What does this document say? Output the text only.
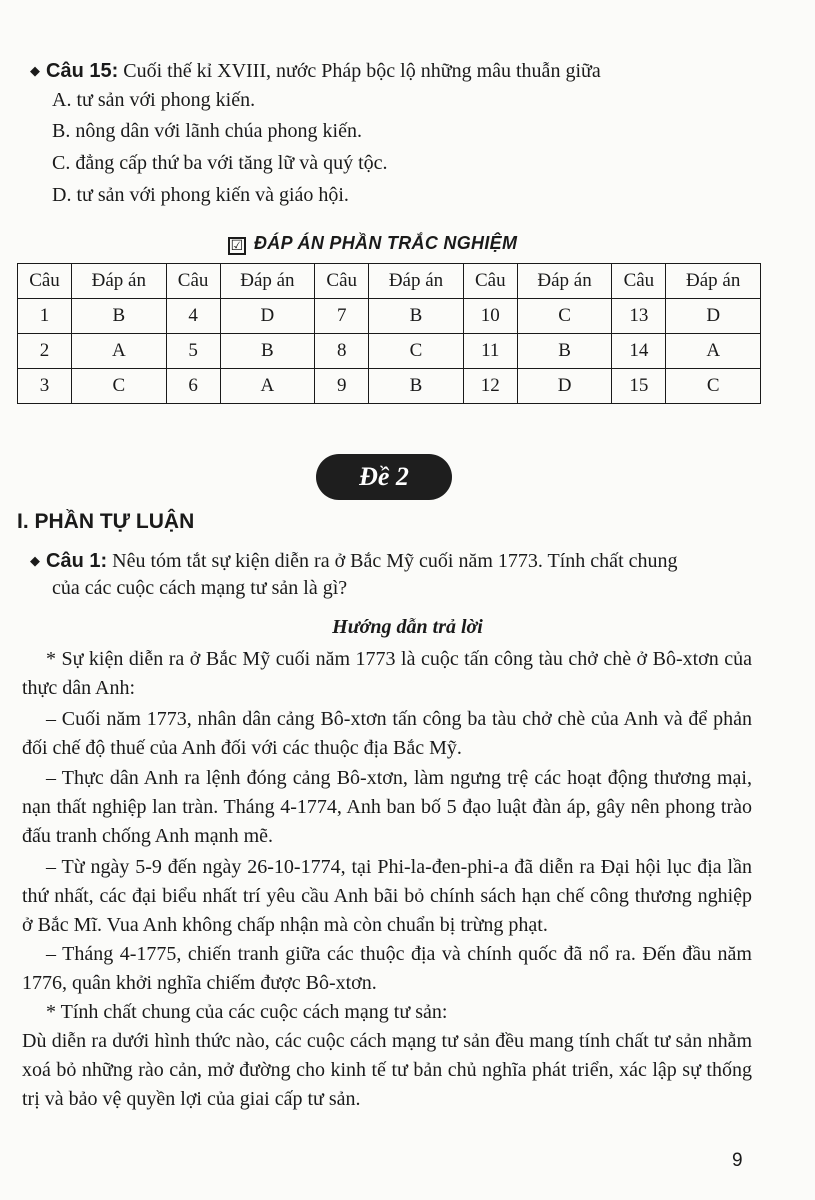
◆ Câu 15: Cuối thế kỉ XVIII, nước Pháp bộc lộ những mâu thuẫn giữa
A. tư sản với phong kiến.
B. nông dân với lãnh chúa phong kiến.
C. đẳng cấp thứ ba với tăng lữ và quý tộc.
D. tư sản với phong kiến và giáo hội.
☑ ĐÁP ÁN PHẦN TRẮC NGHIỆM
Câu	Đáp án	Câu	Đáp án	Câu	Đáp án	Câu	Đáp án	Câu	Đáp án
1	B	4	D	7	B	10	C	13	D
2	A	5	B	8	C	11	B	14	A
3	C	6	A	9	B	12	D	15	C
Đề 2
I. PHẦN TỰ LUẬN
◆ Câu 1: Nêu tóm tắt sự kiện diễn ra ở Bắc Mỹ cuối năm 1773. Tính chất chung
của các cuộc cách mạng tư sản là gì?
Hướng dẫn trả lời
* Sự kiện diễn ra ở Bắc Mỹ cuối năm 1773 là cuộc tấn công tàu chở chè ở Bô-xtơn của thực dân Anh:
– Cuối năm 1773, nhân dân cảng Bô-xtơn tấn công ba tàu chở chè của Anh và để phản đối chế độ thuế của Anh đối với các thuộc địa Bắc Mỹ.
– Thực dân Anh ra lệnh đóng cảng Bô-xtơn, làm ngưng trệ các hoạt động thương mại, nạn thất nghiệp lan tràn. Tháng 4-1774, Anh ban bố 5 đạo luật đàn áp, gây nên phong trào đấu tranh chống Anh mạnh mẽ.
– Từ ngày 5-9 đến ngày 26-10-1774, tại Phi-la-đen-phi-a đã diễn ra Đại hội lục địa lần thứ nhất, các đại biểu nhất trí yêu cầu Anh bãi bỏ chính sách hạn chế công thương nghiệp ở Bắc Mĩ. Vua Anh không chấp nhận mà còn chuẩn bị trừng phạt.
– Tháng 4-1775, chiến tranh giữa các thuộc địa và chính quốc đã nổ ra. Đến đầu năm 1776, quân khởi nghĩa chiếm được Bô-xtơn.
* Tính chất chung của các cuộc cách mạng tư sản:
Dù diễn ra dưới hình thức nào, các cuộc cách mạng tư sản đều mang tính chất tư sản nhằm xoá bỏ những rào cản, mở đường cho kinh tế tư bản chủ nghĩa phát triển, xác lập sự thống trị và bảo vệ quyền lợi của giai cấp tư sản.
9
